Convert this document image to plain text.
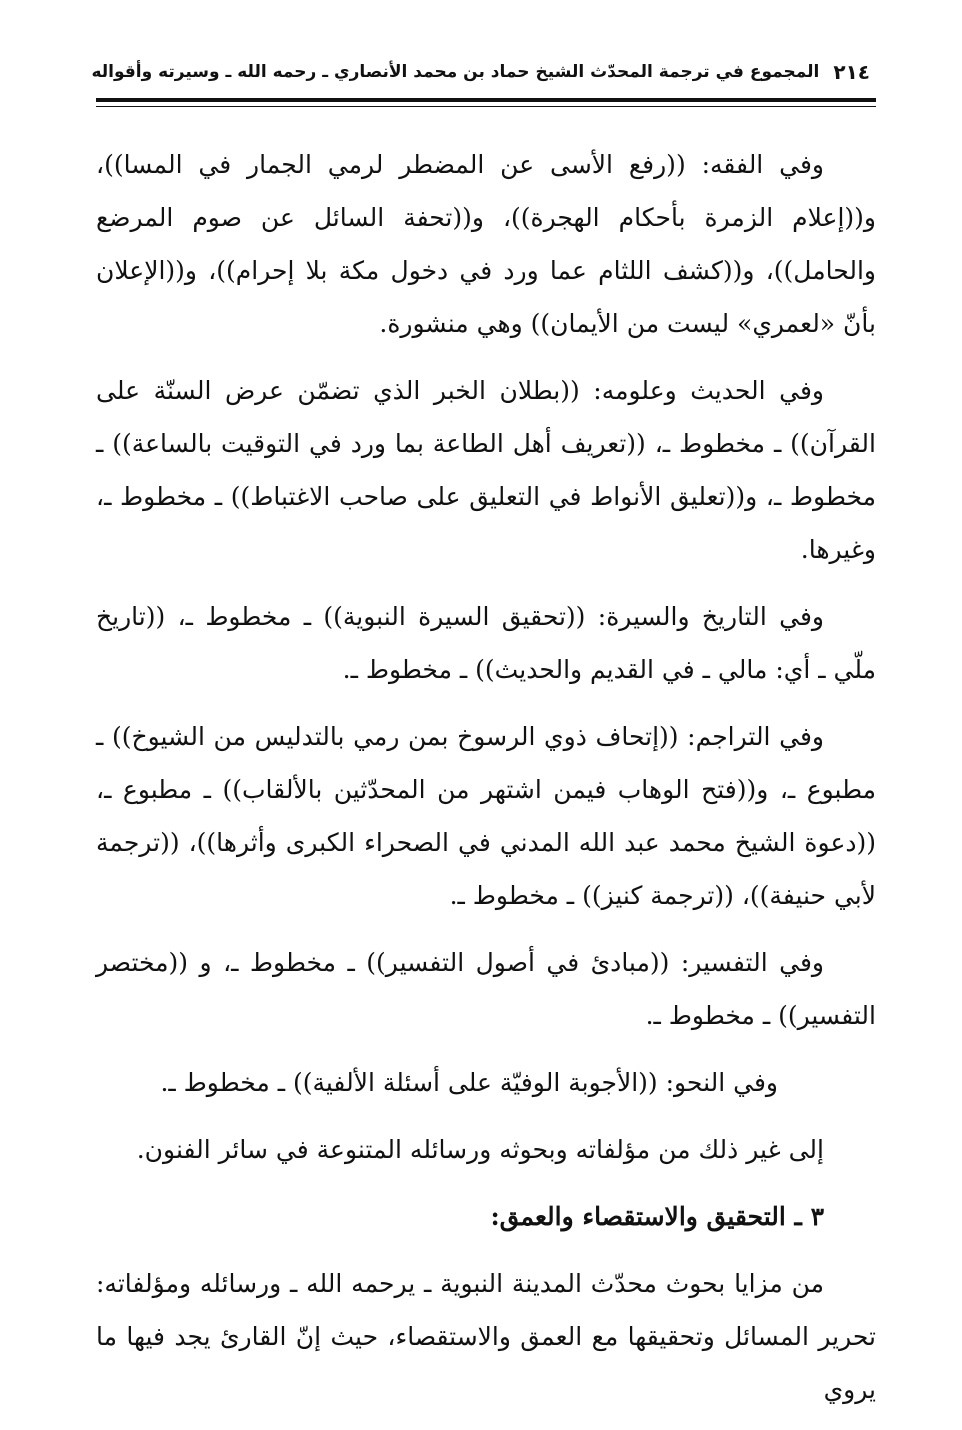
٢١٤
المجموع في ترجمة المحدّث الشيخ حماد بن محمد الأنصاري ـ رحمه الله ـ وسيرته وأقواله

وفي الفقه: ((رفع الأسى عن المضطر لرمي الجمار في المسا))، و((إعلام الزمرة بأحكام الهجرة))، و((تحفة السائل عن صوم المرضع والحامل))، و((كشف اللثام عما ورد في دخول مكة بلا إحرام))، و((الإعلان بأنّ «لعمري» ليست من الأيمان)) وهي منشورة.

وفي الحديث وعلومه: ((بطلان الخبر الذي تضمّن عرض السنّة على القرآن)) ـ مخطوط ـ، ((تعريف أهل الطاعة بما ورد في التوقيت بالساعة)) ـ مخطوط ـ، و((تعليق الأنواط في التعليق على صاحب الاغتباط)) ـ مخطوط ـ، وغيرها.

وفي التاريخ والسيرة: ((تحقيق السيرة النبوية)) ـ مخطوط ـ، ((تاريخ ملّي ـ أي: مالي ـ في القديم والحديث)) ـ مخطوط ـ.

وفي التراجم: ((إتحاف ذوي الرسوخ بمن رمي بالتدليس من الشيوخ)) ـ مطبوع ـ، و((فتح الوهاب فيمن اشتهر من المحدّثين بالألقاب)) ـ مطبوع ـ، ((دعوة الشيخ محمد عبد الله المدني في الصحراء الكبرى وأثرها))، ((ترجمة لأبي حنيفة))، ((ترجمة كنيز)) ـ مخطوط ـ.

وفي التفسير: ((مبادئ في أصول التفسير)) ـ مخطوط ـ، و ((مختصر التفسير)) ـ مخطوط ـ.

وفي النحو: ((الأجوبة الوفيّة على أسئلة الألفية)) ـ مخطوط ـ.

إلى غير ذلك من مؤلفاته وبحوثه ورسائله المتنوعة في سائر الفنون.

٣ ـ التحقيق والاستقصاء والعمق:

من مزايا بحوث محدّث المدينة النبوية ـ يرحمه الله ـ ورسائله ومؤلفاته: تحرير المسائل وتحقيقها مع العمق والاستقصاء، حيث إنّ القارئ يجد فيها ما يروي
